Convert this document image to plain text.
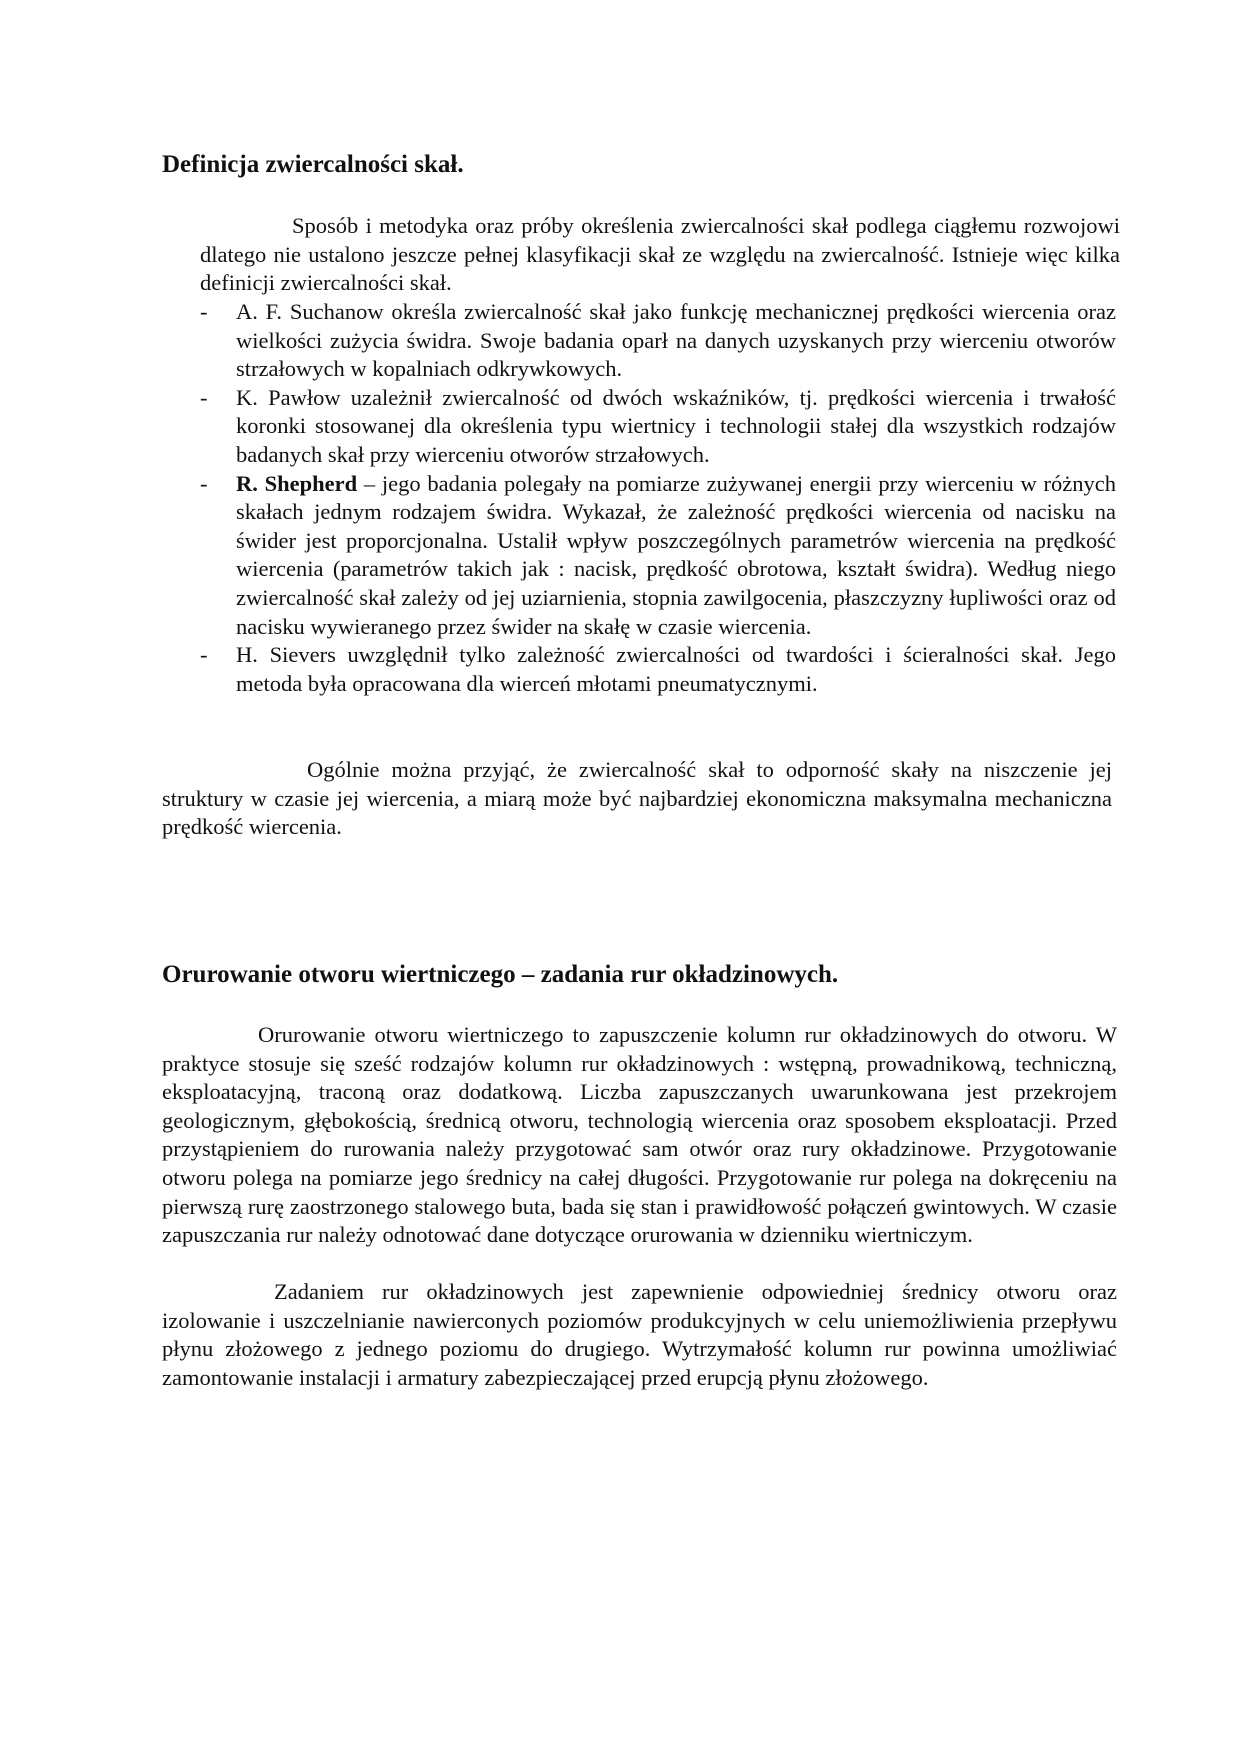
Definicja zwiercalności skał.

Sposób i metodyka oraz próby określenia zwiercalności skał podlega ciągłemu rozwojowi dlatego nie ustalono jeszcze pełnej klasyfikacji skał ze względu na zwiercalność. Istnieje więc kilka definicji zwiercalności skał.

- A. F. Suchanow określa zwiercalność skał jako funkcję mechanicznej prędkości wiercenia oraz wielkości zużycia świdra. Swoje badania oparł na danych uzyskanych przy wierceniu otworów strzałowych w kopalniach odkrywkowych.
- K. Pawłow uzależnił zwiercalność od dwóch wskaźników, tj. prędkości wiercenia i trwałość koronki stosowanej dla określenia typu wiertnicy i technologii stałej dla wszystkich rodzajów badanych skał przy wierceniu otworów strzałowych.
- R. Shepherd – jego badania polegały na pomiarze zużywanej energii przy wierceniu w różnych skałach jednym rodzajem świdra. Wykazał, że zależność prędkości wiercenia od nacisku na świder jest proporcjonalna. Ustalił wpływ poszczególnych parametrów wiercenia na prędkość wiercenia (parametrów takich jak : nacisk, prędkość obrotowa, kształt świdra). Według niego zwiercalność skał zależy od jej uziarnienia, stopnia zawilgocenia, płaszczyzny łupliwości oraz od nacisku wywieranego przez świder na skałę w czasie wiercenia.
- H. Sievers uwzględnił tylko zależność zwiercalności od twardości i ścieralności skał. Jego metoda była opracowana dla wierceń młotami pneumatycznymi.

Ogólnie można przyjąć, że zwiercalność skał to odporność skały na niszczenie jej struktury w czasie jej wiercenia, a miarą może być najbardziej ekonomiczna maksymalna mechaniczna prędkość wiercenia.

Orurowanie otworu wiertniczego – zadania rur okładzinowych.

Orurowanie otworu wiertniczego to zapuszczenie kolumn rur okładzinowych do otworu. W praktyce stosuje się sześć rodzajów kolumn rur okładzinowych : wstępną, prowadnikową, techniczną, eksploatacyjną, traconą oraz dodatkową. Liczba zapuszczanych uwarunkowana jest przekrojem geologicznym, głębokością, średnicą otworu, technologią wiercenia oraz sposobem eksploatacji. Przed przystąpieniem do rurowania należy przygotować sam otwór oraz rury okładzinowe. Przygotowanie otworu polega na pomiarze jego średnicy na całej długości. Przygotowanie rur polega na dokręceniu na pierwszą rurę zaostrzonego stalowego buta, bada się stan i prawidłowość połączeń gwintowych. W czasie zapuszczania rur należy odnotować dane dotyczące orurowania w dzienniku wiertniczym.

Zadaniem rur okładzinowych jest zapewnienie odpowiedniej średnicy otworu oraz izolowanie i uszczelnianie nawierconych poziomów produkcyjnych w celu uniemożliwienia przepływu płynu złożowego z jednego poziomu do drugiego. Wytrzymałość kolumn rur powinna umożliwiać zamontowanie instalacji i armatury zabezpieczającej przed erupcją płynu złożowego.
